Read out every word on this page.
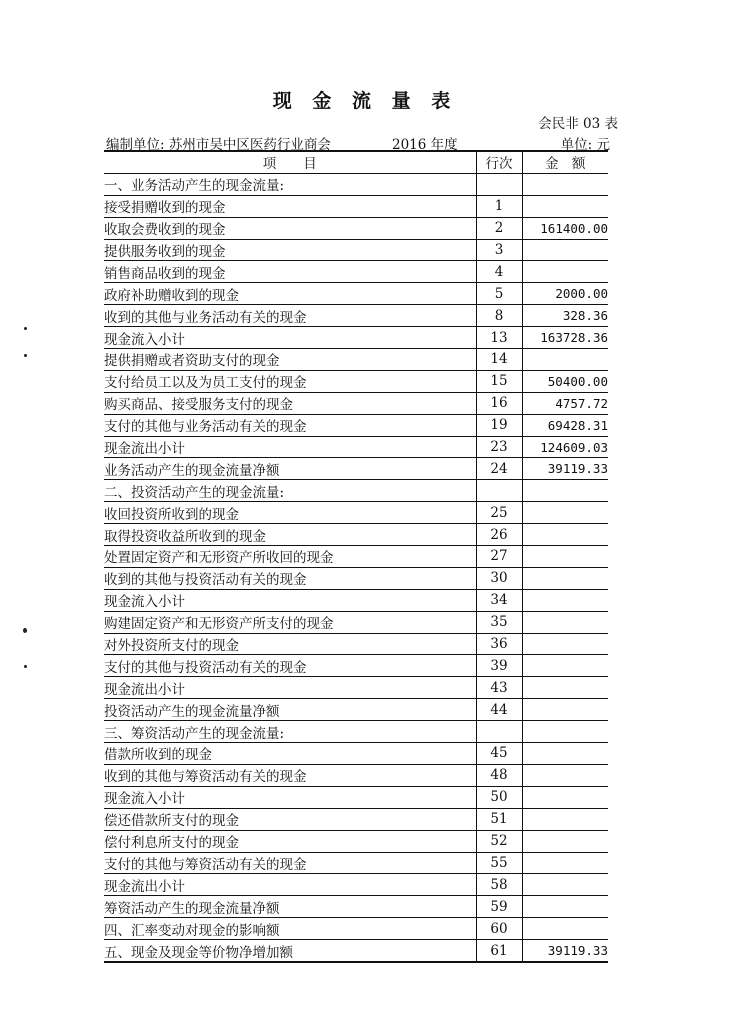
现 金 流 量 表
会民非 03 表
编制单位: 苏州市吴中区医药行业商会	2016 年度	单位: 元
项　　目	行次	金　额
一、业务活动产生的现金流量:		
接受捐赠收到的现金	1	
收取会费收到的现金	2	161400.00
提供服务收到的现金	3	
销售商品收到的现金	4	
政府补助赠收到的现金	5	2000.00
收到的其他与业务活动有关的现金	8	328.36
现金流入小计	13	163728.36
提供捐赠或者资助支付的现金	14	
支付给员工以及为员工支付的现金	15	50400.00
购买商品、接受服务支付的现金	16	4757.72
支付的其他与业务活动有关的现金	19	69428.31
现金流出小计	23	124609.03
业务活动产生的现金流量净额	24	39119.33
二、投资活动产生的现金流量:		
收回投资所收到的现金	25	
取得投资收益所收到的现金	26	
处置固定资产和无形资产所收回的现金	27	
收到的其他与投资活动有关的现金	30	
现金流入小计	34	
购建固定资产和无形资产所支付的现金	35	
对外投资所支付的现金	36	
支付的其他与投资活动有关的现金	39	
现金流出小计	43	
投资活动产生的现金流量净额	44	
三、筹资活动产生的现金流量:		
借款所收到的现金	45	
收到的其他与筹资活动有关的现金	48	
现金流入小计	50	
偿还借款所支付的现金	51	
偿付利息所支付的现金	52	
支付的其他与筹资活动有关的现金	55	
现金流出小计	58	
筹资活动产生的现金流量净额	59	
四、汇率变动对现金的影响额	60	
五、现金及现金等价物净增加额	61	39119.33
